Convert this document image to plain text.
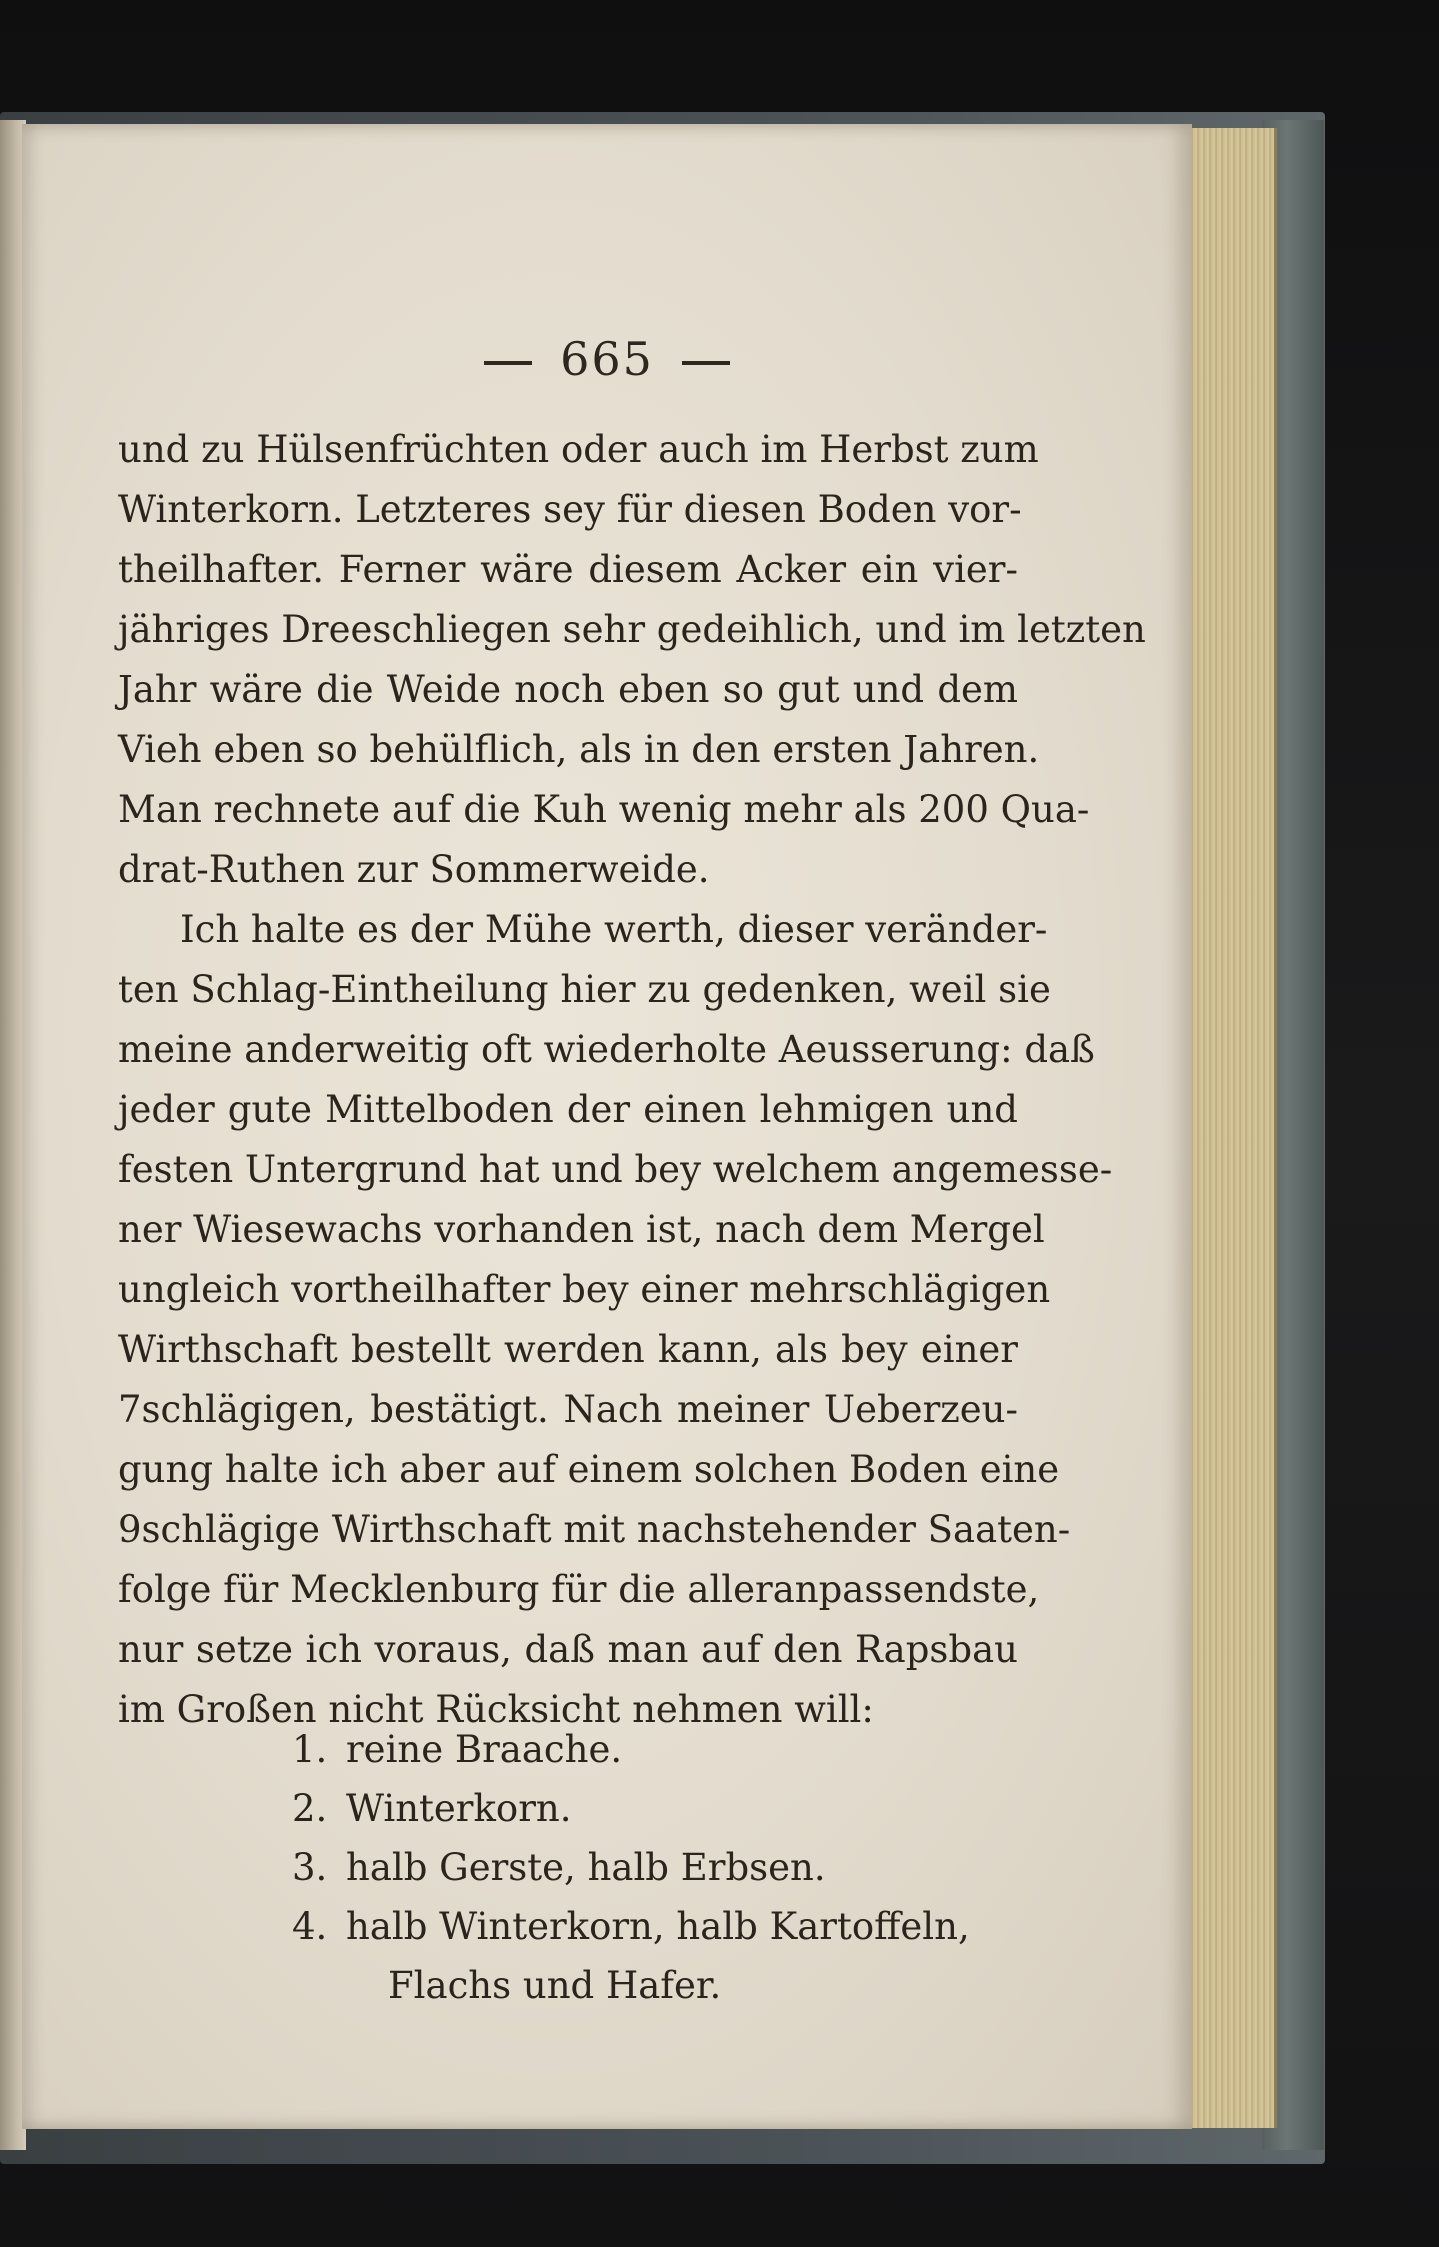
665

und zu Hülsenfrüchten oder auch im Herbst zum
Winterkorn. Letzteres sey für diesen Boden vor-
theilhafter. Ferner wäre diesem Acker ein vier-
jähriges Dreeschliegen sehr gedeihlich, und im letzten
Jahr wäre die Weide noch eben so gut und dem
Vieh eben so behülflich, als in den ersten Jahren.
Man rechnete auf die Kuh wenig mehr als 200 Qua-
drat-Ruthen zur Sommerweide.
Ich halte es der Mühe werth, dieser veränder-
ten Schlag-Eintheilung hier zu gedenken, weil sie
meine anderweitig oft wiederholte Aeusserung: daß
jeder gute Mittelboden der einen lehmigen und
festen Untergrund hat und bey welchem angemesse-
ner Wiesewachs vorhanden ist, nach dem Mergel
ungleich vortheilhafter bey einer mehrschlägigen
Wirthschaft bestellt werden kann, als bey einer
7schlägigen, bestätigt. Nach meiner Ueberzeu-
gung halte ich aber auf einem solchen Boden eine
9schlägige Wirthschaft mit nachstehender Saaten-
folge für Mecklenburg für die alleranpassendste,
nur setze ich voraus, daß man auf den Rapsbau
im Großen nicht Rücksicht nehmen will:
1. reine Braache.
2. Winterkorn.
3. halb Gerste, halb Erbsen.
4. halb Winterkorn, halb Kartoffeln,
Flachs und Hafer.
